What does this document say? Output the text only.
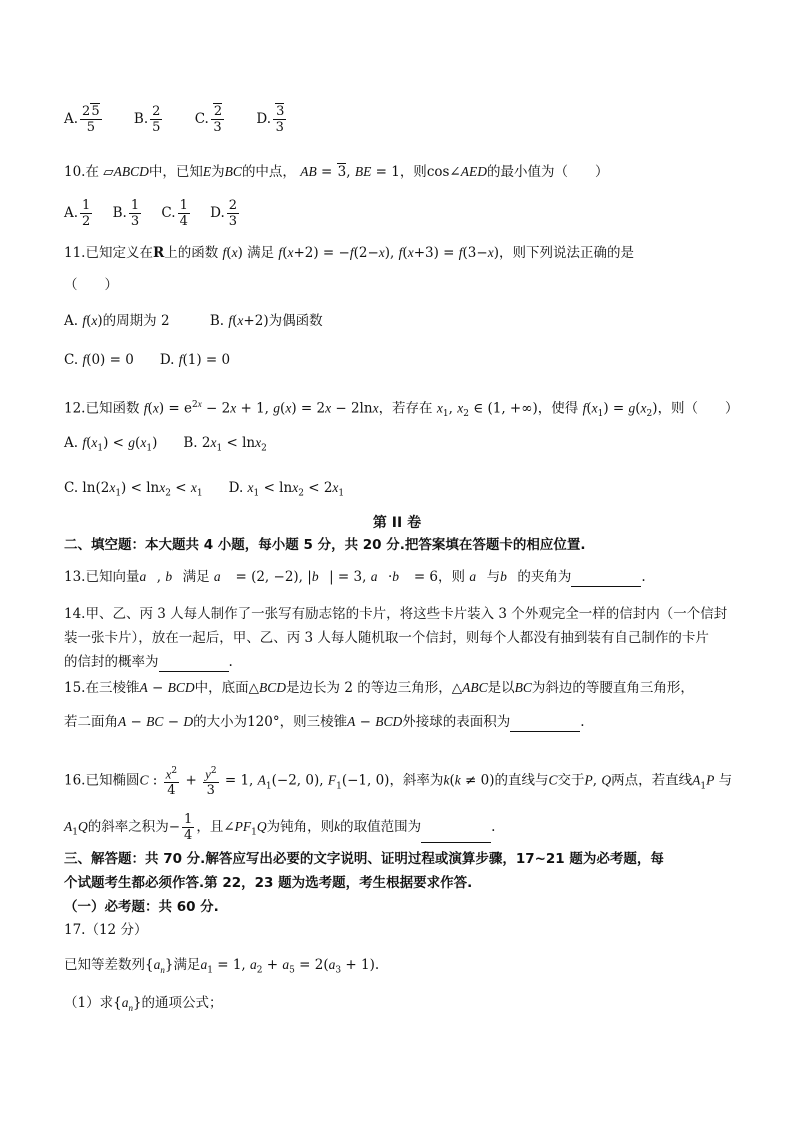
A. $\frac{25}{5} B$. $\frac{2}{5} C$. $\frac{2}{3} D$. $\frac{3}{3}$
10.在 ▱ABCD中，已知E为BC的中点， AB = 3, BE = 1，则cos∠AED的最小值为（　　）
A. $\frac{1}{2} B$. $\frac{1}{3} C$. $\frac{1}{4} D$. $\frac{2}{3}$
11.已知定义在R上的函数 f(x) 满足 f(x+2) = −f(2−x), f(x+3) = f(3−x)，则下列说法正确的是
（　　）
A. f(x)的周期为 2	B. f(x+2)为偶函数
C. f(0) = 0 D. f(1) = 0
12.已知函数 $f(x) = e^{2x} - 2x + 1$, g(x) = 2x − 2lnx，若存在 $x_1$, $x_2$ ∈ (1, +∞)，使得 $f(x_1) = g(x_2)$，则（　　）
A. $f(x_1) < g(x_1)$ B. $2x_1 < \ln x_2$
C. $\ln(2x_1) < \ln x_2 < x_1$ D. $x_1 < \ln x_2 < 2x_1$
第 II 卷
二、填空题：本大题共 4 小题，每小题 5 分，共 20 分.把答案填在答题卡的相应位置.
13.已知向量a⃗, b⃗满足 a⃗ = (2, −2), |b⃗| = 3, a⃗·b⃗ = 6，则 a⃗与b⃗的夹角为	.
14.甲、乙、丙 3 人每人制作了一张写有励志铭的卡片，将这些卡片装入 3 个外观完全一样的信封内（一个信封
装一张卡片），放在一起后，甲、乙、丙 3 人每人随机取一个信封，则每个人都没有抽到装有自己制作的卡片
的信封的概率为	.
15.在三棱锥A − BCD中，底面△BCD是边长为 2 的等边三角形，△ABC是以BC为斜边的等腰直角三角形，
若二面角A − BC − D的大小为120°，则三棱锥A − BCD外接球的表面积为	.
16.已知椭圆C : $\frac{x^2}{4} + \frac{y^2}{3} = 1$, $A_1(-2$, 0), $F_1(-1$, 0)，斜率为k(k ≠ 0)的直线与C交于P, Q两点，若直线$A_1P$ 与
$A_1Q$的斜率之积为− $\frac{1}{4}$ ，且$\angle PF_1Q$为钝角，则k的取值范围为	.
三、解答题：共 70 分.解答应写出必要的文字说明、证明过程或演算步骤，17~21 题为必考题，每
个试题考生都必须作答.第 22，23 题为选考题，考生根据要求作答.
（一）必考题：共 60 分.
17.（12 分）
已知等差数列$\{a_n\}$满足$a_1 = 1$, $a_2 + a_5 = 2(a_3 + 1)$.
（1）求$\{a_n\}$的通项公式；
